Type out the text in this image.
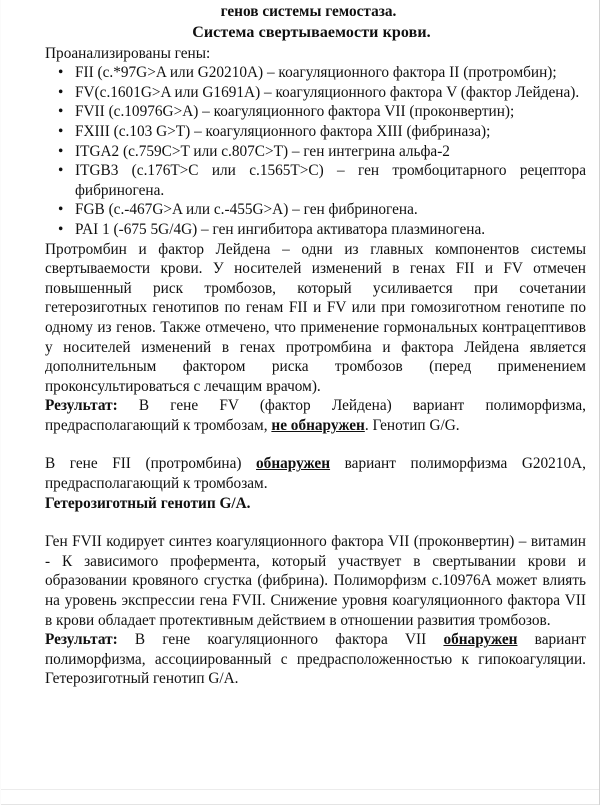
генов системы гемостаза.
Система свертываемости крови.
Проанализированы гены:
• FII (c.*97G>A или G20210A) – коагуляционного фактора II (протромбин);
• FV(c.1601G>A или G1691A) – коагуляционного фактора V (фактор Лейдена).
• FVII (c.10976G>A) – коагуляционного фактора VII (проконвертин);
• FXIII (c.103 G>T) – коагуляционного фактора XIII (фибриназа);
• ITGA2 (c.759C>T или c.807C>T) – ген интегрина альфа-2
• ITGB3 (c.176T>C или с.1565T>C) – ген тромбоцитарного рецептора фибриногена.
• FGB (c.-467G>A или c.-455G>A) – ген фибриногена.
• PAI 1 (-675 5G/4G) – ген ингибитора активатора плазминогена.
Протромбин и фактор Лейдена – одни из главных компонентов системы свертываемости крови. У носителей изменений в генах FII и FV отмечен повышенный риск тромбозов, который усиливается при сочетании гетерозиготных генотипов по генам FII и FV или при гомозиготном генотипе по одному из генов. Также отмечено, что применение гормональных контрацептивов у носителей изменений в генах протромбина и фактора Лейдена является дополнительным фактором риска тромбозов (перед применением проконсультироваться с лечащим врачом).
Результат: В гене FV (фактор Лейдена) вариант полиморфизма, предрасполагающий к тромбозам, не обнаружен. Генотип G/G.
В гене FII (протромбина) обнаружен вариант полиморфизма G20210A, предрасполагающий к тромбозам.
Гетерозиготный генотип G/A.
Ген FVII кодирует синтез коагуляционного фактора VII (проконвертин) – витамин - К зависимого профермента, который участвует в свертывании крови и образовании кровяного сгустка (фибрина). Полиморфизм c.10976A может влиять на уровень экспрессии гена FVII. Снижение уровня коагуляционного фактора VII в крови обладает протективным действием в отношении развития тромбозов.
Результат: В гене коагуляционного фактора VII обнаружен вариант полиморфизма, ассоциированный с предрасположенностью к гипокоагуляции. Гетерозиготный генотип G/A.
